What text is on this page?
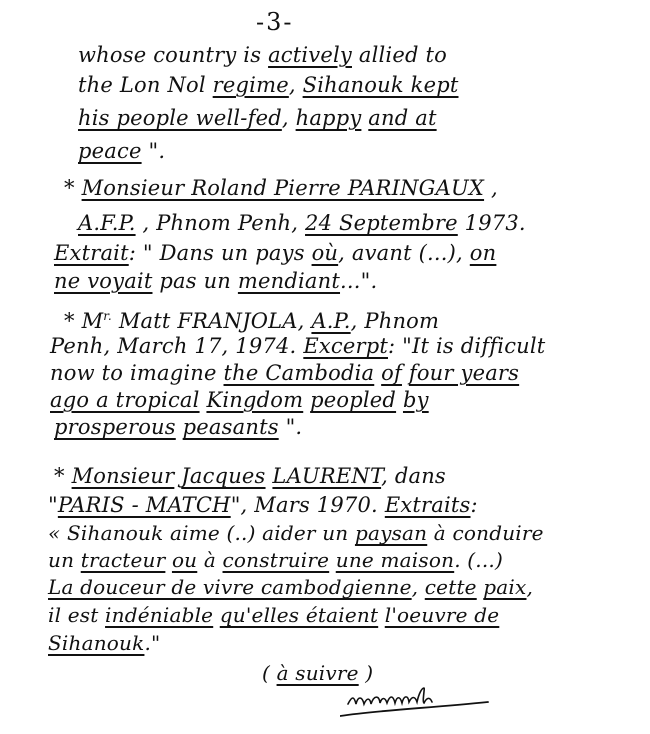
-3-
whose country is actively allied to
the Lon Nol regime, Sihanouk kept
his people well-fed, happy and at
peace ".
* Monsieur Roland Pierre PARINGAUX ,
A.F.P. , Phnom Penh, 24 Septembre 1973.
Extrait: " Dans un pays où, avant (...), on
ne voyait pas un mendiant...".
* $M^{r.}$ Matt FRANJOLA, A.P., Phnom
Penh, March 17, 1974. Excerpt: "It is difficult
now to imagine the Cambodia of four years
ago a tropical Kingdom peopled by
prosperous peasants ".
* Monsieur Jacques LAURENT, dans
"PARIS - MATCH", Mars 1970. Extraits:
« Sihanouk aime (..) aider un paysan à conduire
un tracteur ou à construire une maison. (...)
La douceur de vivre cambodgienne, cette paix,
il est indéniable qu'elles étaient l'oeuvre de
Sihanouk."
( à suivre )
